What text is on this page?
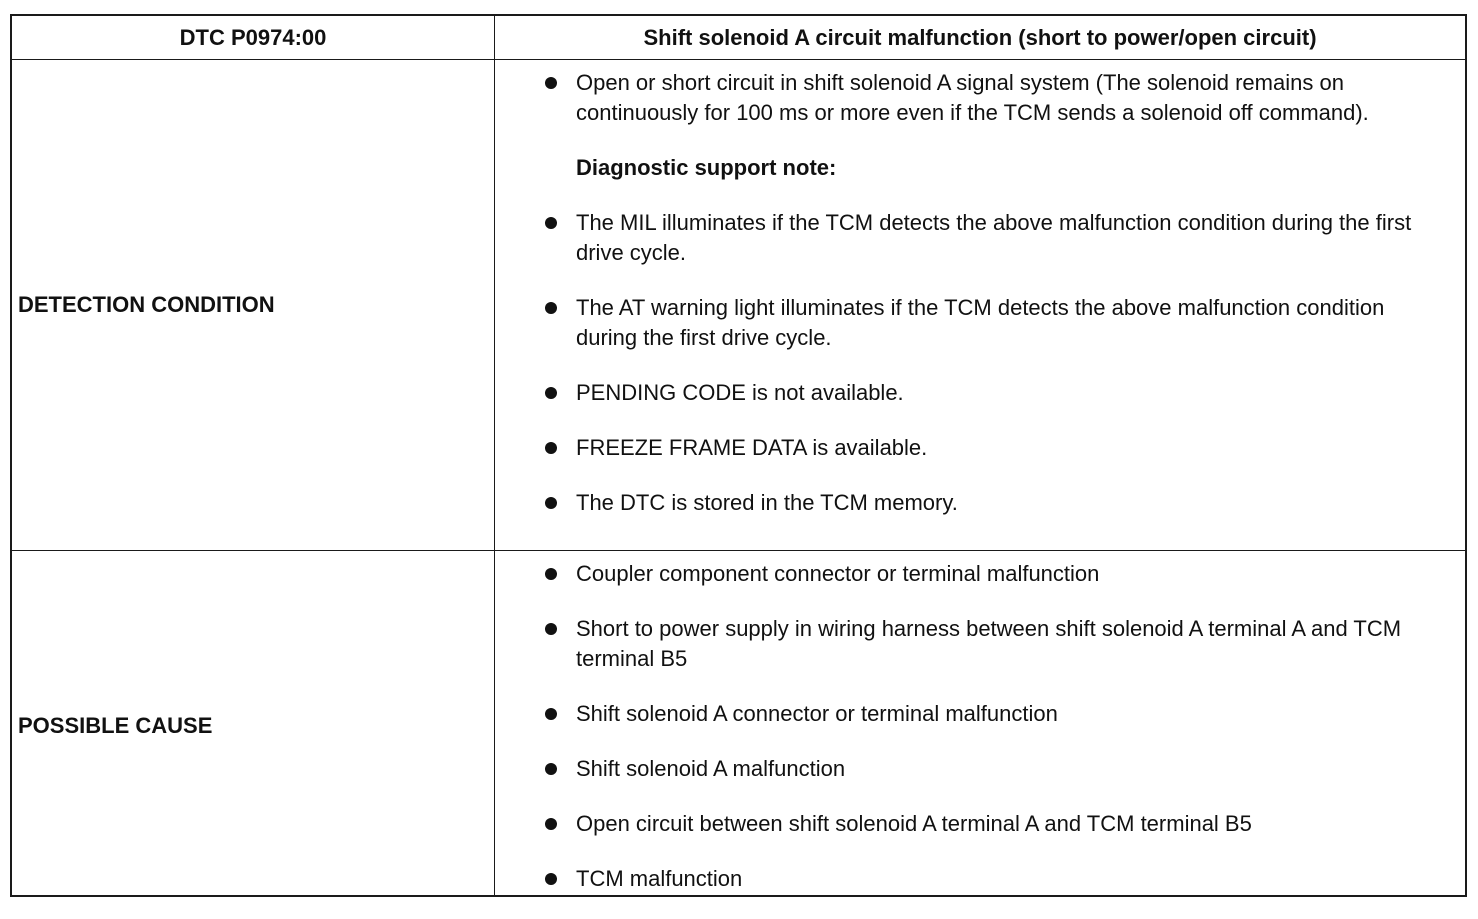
DTC P0974:00	Shift solenoid A circuit malfunction (short to power/open circuit)
DETECTION CONDITION
Open or short circuit in shift solenoid A signal system (The solenoid remains on continuously for 100 ms or more even if the TCM sends a solenoid off command).
Diagnostic support note:
The MIL illuminates if the TCM detects the above malfunction condition during the first drive cycle.
The AT warning light illuminates if the TCM detects the above malfunction condition during the first drive cycle.
PENDING CODE is not available.
FREEZE FRAME DATA is available.
The DTC is stored in the TCM memory.
POSSIBLE CAUSE
Coupler component connector or terminal malfunction
Short to power supply in wiring harness between shift solenoid A terminal A and TCM terminal B5
Shift solenoid A connector or terminal malfunction
Shift solenoid A malfunction
Open circuit between shift solenoid A terminal A and TCM terminal B5
TCM malfunction
